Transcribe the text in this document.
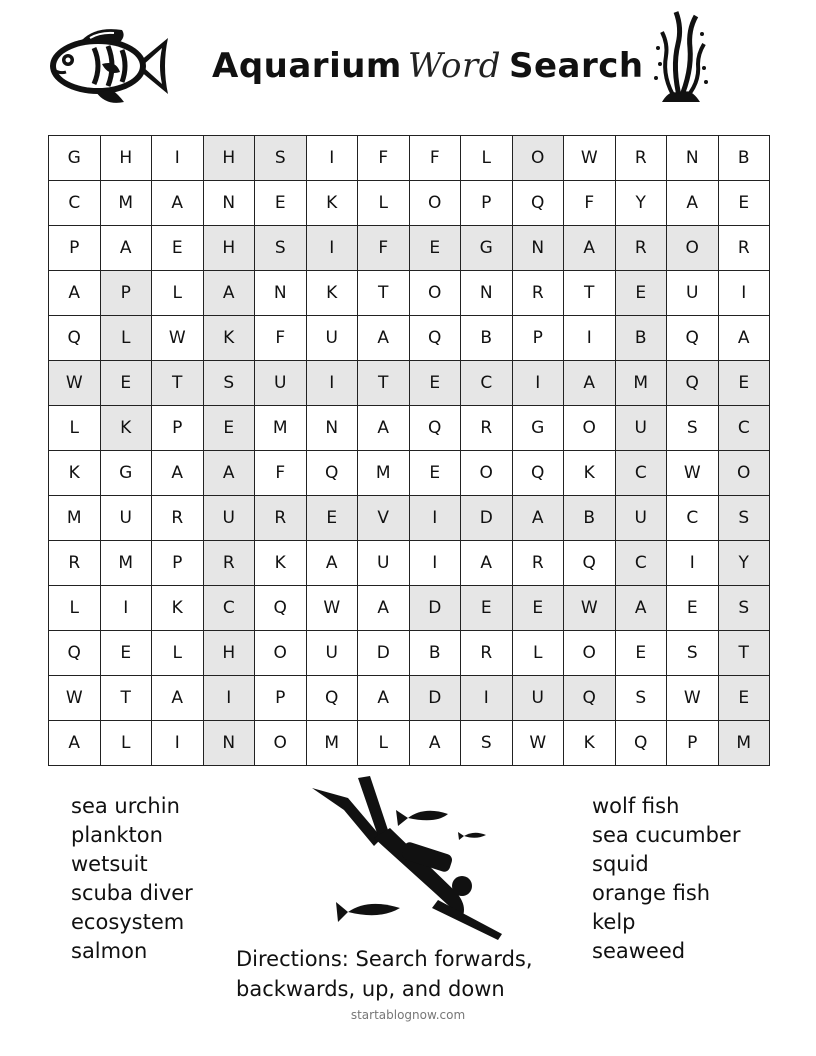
Aquarium Word Search
G	H	I	H	S	I	F	F	L	O	W	R	N	B
C	M	A	N	E	K	L	O	P	Q	F	Y	A	E
P	A	E	H	S	I	F	E	G	N	A	R	O	R
A	P	L	A	N	K	T	O	N	R	T	E	U	I
Q	L	W	K	F	U	A	Q	B	P	I	B	Q	A
W	E	T	S	U	I	T	E	C	I	A	M	Q	E
L	K	P	E	M	N	A	Q	R	G	O	U	S	C
K	G	A	A	F	Q	M	E	O	Q	K	C	W	O
M	U	R	U	R	E	V	I	D	A	B	U	C	S
R	M	P	R	K	A	U	I	A	R	Q	C	I	Y
L	I	K	C	Q	W	A	D	E	E	W	A	E	S
Q	E	L	H	O	U	D	B	R	L	O	E	S	T
W	T	A	I	P	Q	A	D	I	U	Q	S	W	E
A	L	I	N	O	M	L	A	S	W	K	Q	P	M
sea urchin
plankton
wetsuit
scuba diver
ecosystem
salmon
wolf fish
sea cucumber
squid
orange fish
kelp
seaweed
Directions: Search forwards,
backwards, up, and down
startablognow.com
